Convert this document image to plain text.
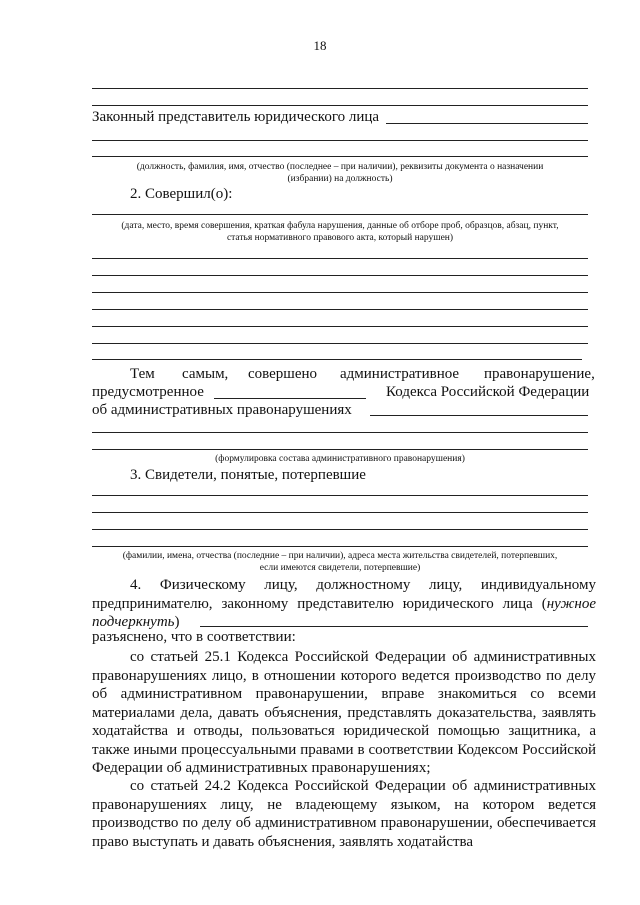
18
Законный представитель юридического лица
(должность, фамилия, имя, отчество (последнее – при наличии), реквизиты документа о назначении
(избрании) на должность)
2. Совершил(о):
(дата, место, время совершения, краткая фабула нарушения, данные об отборе проб, образцов, абзац, пункт,
статья нормативного правового акта, который нарушен)
Тем самым, совершено административное правонарушение,
предусмотренное	Кодекса Российской Федерации
об административных правонарушениях
(формулировка состава административного правонарушения)
3. Свидетели, понятые, потерпевшие
(фамилии, имена, отчества (последние – при наличии), адреса места жительства свидетелей, потерпевших,
если имеются свидетели, потерпевшие)

4. Физическому лицу, должностному лицу, индивидуальному предпринимателю, законному представителю юридического лица (нужное подчеркнуть)

разъяснено, что в соответствии:

со статьей 25.1 Кодекса Российской Федерации об административных правонарушениях лицо, в отношении которого ведется производство по делу об административном правонарушении, вправе знакомиться со всеми материалами дела, давать объяснения, представлять доказательства, заявлять ходатайства и отводы, пользоваться юридической помощью защитника, а также иными процессуальными правами в соответствии Кодексом Российской Федерации об административных правонарушениях;

со статьей 24.2 Кодекса Российской Федерации об административных правонарушениях лицу, не владеющему языком, на котором ведется производство по делу об административном правонарушении, обеспечивается право выступать и давать объяснения, заявлять ходатайства
